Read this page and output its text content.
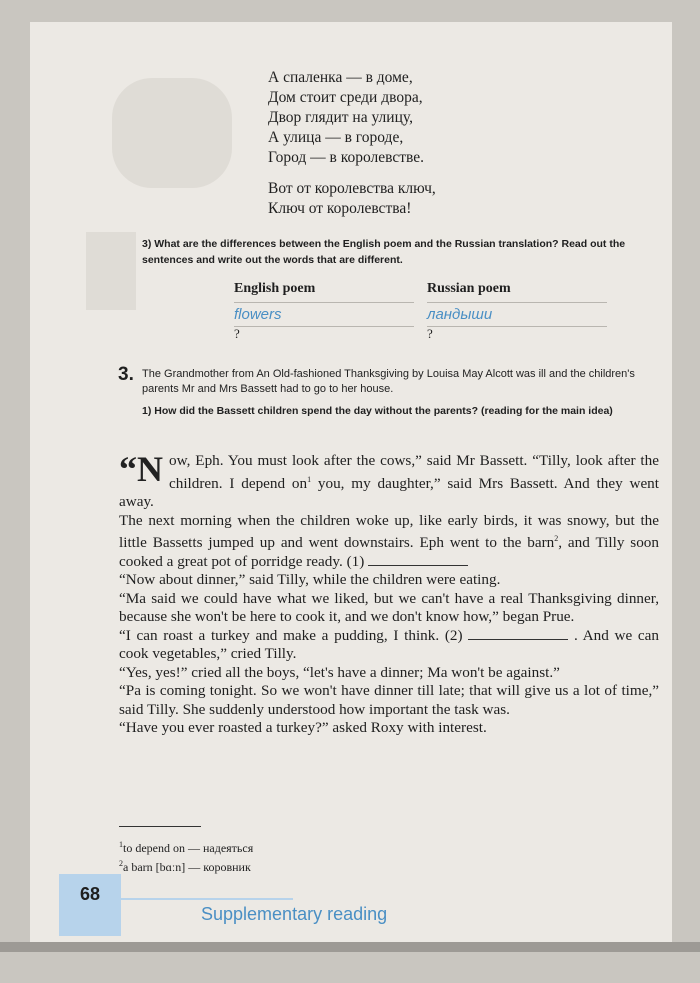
А спаленка — в доме,
Дом стоит среди двора,
Двор глядит на улицу,
А улица — в городе,
Город — в королевстве.
Вот от королевства ключ,
Ключ от королевства!
3) What are the differences between the English poem and the Russian translation? Read out the sentences and write out the words that are different.
English poem
flowers
?
Russian poem
ландыши
?
3. The Grandmother from An Old-fashioned Thanksgiving by Louisa May Alcott was ill and the children's parents Mr and Mrs Bassett had to go to her house.
1) How did the Bassett children spend the day without the parents? (reading for the main idea)

“N ow, Eph. You must look after the cows,” said Mr Bassett. “Tilly, look after the children. I depend $on^1$ you, my daughter,” said Mrs Bassett. And they went away.

The next morning when the children woke up, like early birds, it was snowy, but the little Bassetts jumped up and went downstairs. Eph went to the barn$^2$, and Tilly soon cooked a great pot of porridge ready. (1)

“Now about dinner,” said Tilly, while the children were eating.

“Ma said we could have what we liked, but we can't have a real Thanksgiving dinner, because she won't be here to cook it, and we don't know how,” began Prue.

“I can roast a turkey and make a pudding, I think. (2)	. And we can cook vegetables,” cried Tilly.

“Yes, yes!” cried all the boys, “let's have a dinner; Ma won't be against.”

“Pa is coming tonight. So we won't have dinner till late; that will give us a lot of time,” said Tilly. She suddenly understood how important the task was.

“Have you ever roasted a turkey?” asked Roxy with interest.

$^1$to depend on — надеяться
$^2$a barn [bɑːn] — коровник
68
Supplementary reading
